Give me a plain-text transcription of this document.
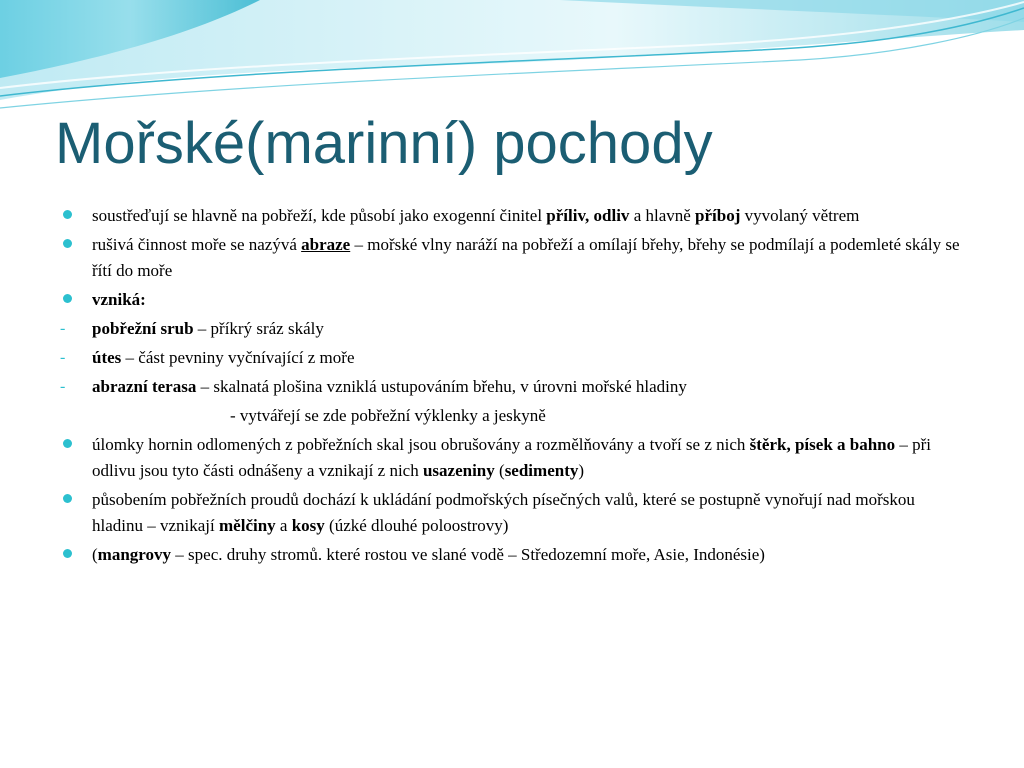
Mořské(marinní) pochody
soustřeďují se hlavně na pobřeží, kde působí jako exogenní činitel příliv, odliv a hlavně příboj vyvolaný větrem
rušivá činnost moře se nazývá abraze – mořské vlny naráží na pobřeží a omílají břehy, břehy se podmílají a podemleté skály se řítí do moře
vzniká:
-	pobřežní srub – příkrý sráz skály
-	útes – část pevniny vyčnívající z moře
-	abrazní terasa – skalnatá plošina vzniklá ustupováním břehu, v úrovni mořské hladiny
- vytvářejí se zde pobřežní výklenky a jeskyně
úlomky hornin odlomených z pobřežních skal jsou obrušovány a rozmělňovány a tvoří se z nich štěrk, písek a bahno – při odlivu jsou tyto části odnášeny a vznikají z nich usazeniny (sedimenty)
působením pobřežních proudů dochází k ukládání podmořských písečných valů, které se postupně vynořují nad mořskou hladinu – vznikají mělčiny a kosy (úzké dlouhé poloostrovy)
(mangrovy – spec. druhy stromů. které rostou ve slané vodě – Středozemní moře, Asie, Indonésie)
